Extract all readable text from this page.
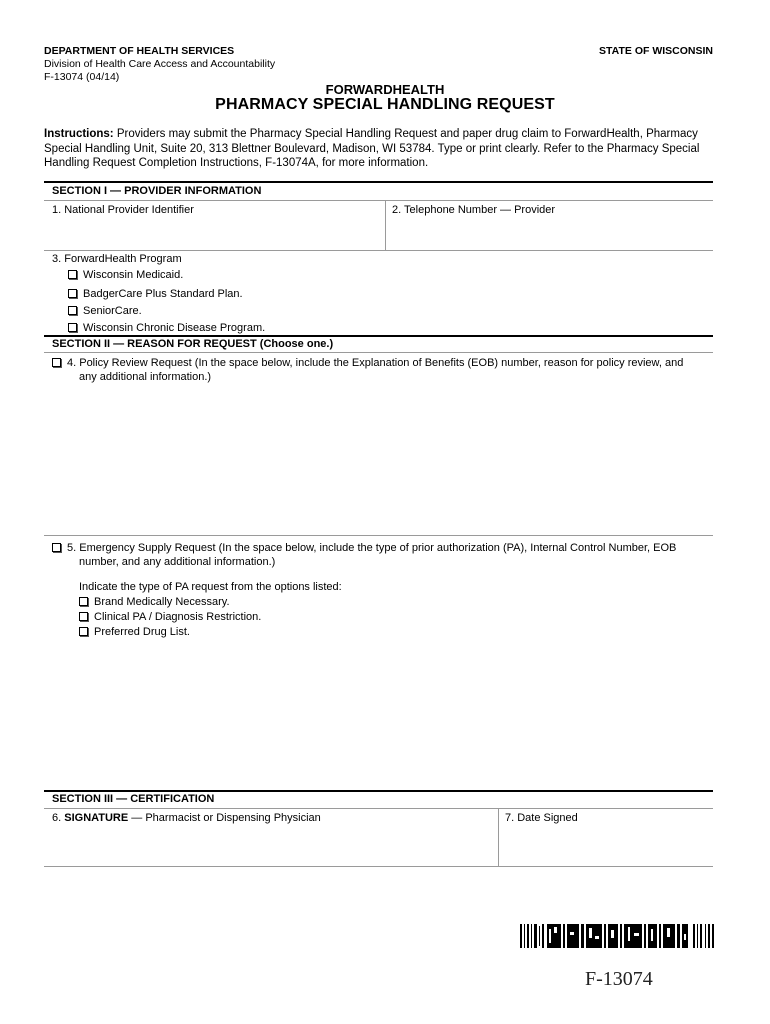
DEPARTMENT OF HEALTH SERVICES
Division of Health Care Access and Accountability
F-13074 (04/14)
STATE OF WISCONSIN
FORWARDHEALTH
PHARMACY SPECIAL HANDLING REQUEST
Instructions: Providers may submit the Pharmacy Special Handling Request and paper drug claim to ForwardHealth, Pharmacy Special Handling Unit, Suite 20, 313 Blettner Boulevard, Madison, WI 53784. Type or print clearly. Refer to the Pharmacy Special Handling Request Completion Instructions, F-13074A, for more information.
SECTION I — PROVIDER INFORMATION
1. National Provider Identifier	2. Telephone Number — Provider
3. ForwardHealth Program
Wisconsin Medicaid.
BadgerCare Plus Standard Plan.
SeniorCare.
Wisconsin Chronic Disease Program.
SECTION II — REASON FOR REQUEST (Choose one.)
4. Policy Review Request (In the space below, include the Explanation of Benefits (EOB) number, reason for policy review, and
any additional information.)
5. Emergency Supply Request (In the space below, include the type of prior authorization (PA), Internal Control Number, EOB
number, and any additional information.)
Indicate the type of PA request from the options listed:
Brand Medically Necessary.
Clinical PA / Diagnosis Restriction.
Preferred Drug List.
SECTION III — CERTIFICATION
6. SIGNATURE — Pharmacist or Dispensing Physician	7. Date Signed
F-13074
